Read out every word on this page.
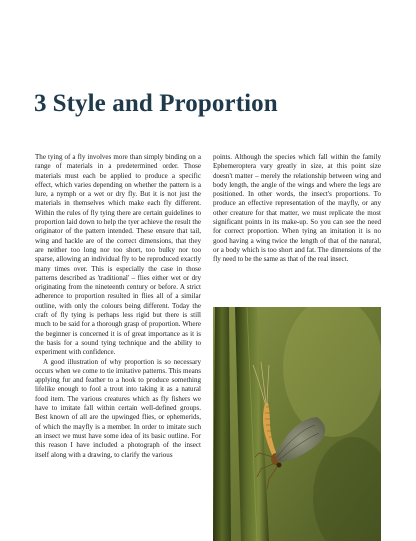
3 Style and Proportion

The tying of a fly involves more than simply binding on a range of materials in a predetermined order. Those materials must each be applied to produce a specific effect, which varies depending on whether the pattern is a lure, a nymph or a wet or dry fly. But it is not just the materials in themselves which make each fly different. Within the rules of fly tying there are certain guidelines to proportion laid down to help the tyer achieve the result the originator of the pattern intended. These ensure that tail, wing and hackle are of the correct dimensions, that they are neither too long nor too short, too bulky nor too sparse, allowing an individual fly to be reproduced exactly many times over. This is especially the case in those patterns described as 'traditional' – flies either wet or dry originating from the nineteenth century or before. A strict adherence to proportion resulted in flies all of a similar outline, with only the colours being different. Today the craft of fly tying is perhaps less rigid but there is still much to be said for a thorough grasp of proportion. Where the beginner is concerned it is of great importance as it is the basis for a sound tying technique and the ability to experiment with confidence.

A good illustration of why proportion is so necessary occurs when we come to tie imitative patterns. This means applying fur and feather to a hook to produce something lifelike enough to fool a trout into taking it as a natural food item. The various creatures which as fly fishers we have to imitate fall within certain well-defined groups. Best known of all are the upwinged flies, or ephemerids, of which the mayfly is a member. In order to imitate such an insect we must have some idea of its basic outline. For this reason I have included a photograph of the insect itself along with a drawing, to clarify the various

points. Although the species which fall within the family Ephemeroptera vary greatly in size, at this point size doesn't matter – merely the relationship between wing and body length, the angle of the wings and where the legs are positioned. In other words, the insect's proportions. To produce an effective representation of the mayfly, or any other creature for that matter, we must replicate the most significant points in its make-up. So you can see the need for correct proportion. When tying an imitation it is no good having a wing twice the length of that of the natural, or a body which is too short and fat. The dimensions of the fly need to be the same as that of the real insect.
